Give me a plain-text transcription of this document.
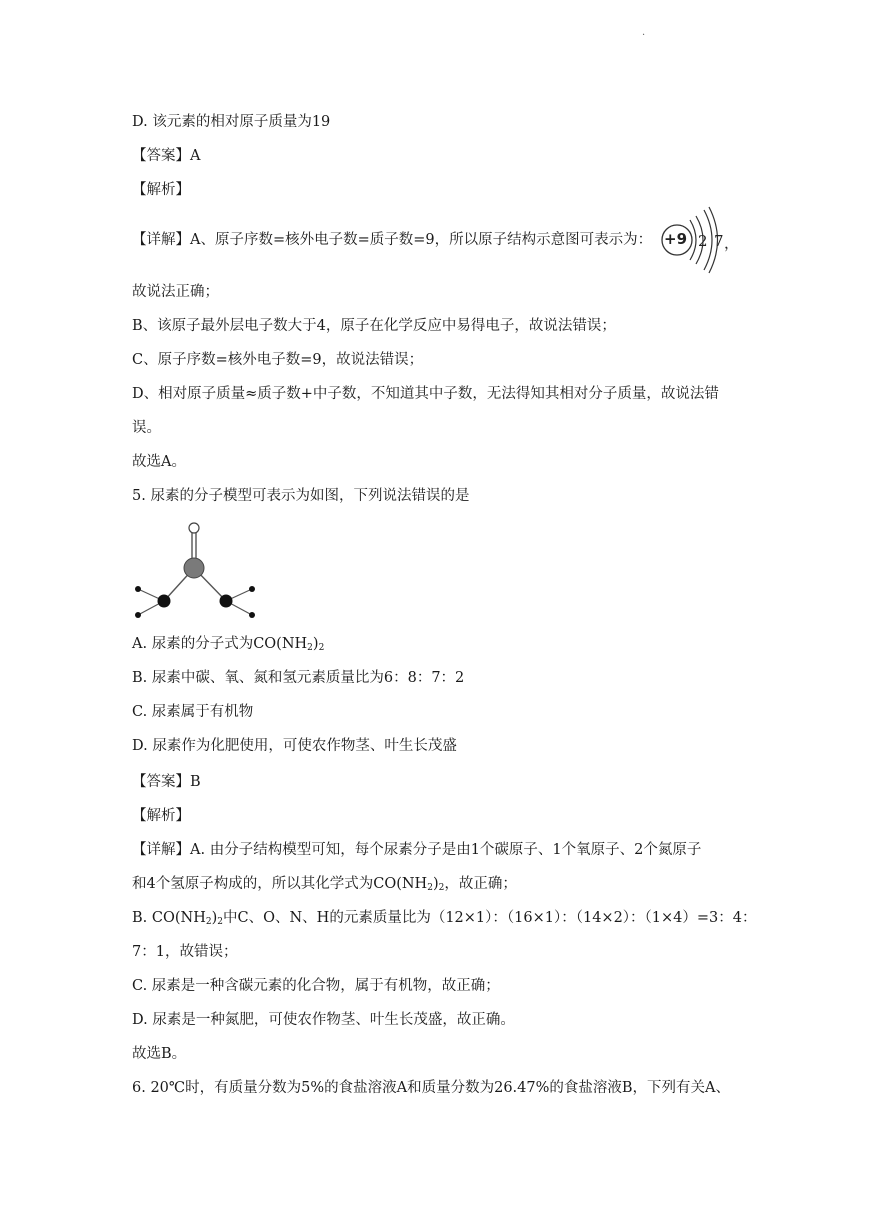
·
D. 该元素的相对原子质量为19
【答案】A
【解析】
【详解】A、原子序数=核外电子数=质子数=9，所以原子结构示意图可表示为： +9 2 7 ，
故说法正确；
B、该原子最外层电子数大于4，原子在化学反应中易得电子，故说法错误；
C、原子序数=核外电子数=9，故说法错误；
D、相对原子质量≈质子数+中子数，不知道其中子数，无法得知其相对分子质量，故说法错
误。
故选A。
5. 尿素的分子模型可表示为如图，下列说法错误的是
A. 尿素的分子式为$CO(NH_2)_2$
B. 尿素中碳、氧、氮和氢元素质量比为6：8：7：2
C. 尿素属于有机物
D. 尿素作为化肥使用，可使农作物茎、叶生长茂盛
【答案】B
【解析】
【详解】A. 由分子结构模型可知，每个尿素分子是由1个碳原子、1个氧原子、2个氮原子
和4个氢原子构成的，所以其化学式为$CO(NH_2)_2$，故正确；
B. $CO(NH_2)_2$中C、O、N、H的元素质量比为（12×1）：（16×1）：（14×2）：（1×4）=3：4：
7：1，故错误；
C. 尿素是一种含碳元素的化合物，属于有机物，故正确；
D. 尿素是一种氮肥，可使农作物茎、叶生长茂盛，故正确。
故选B。
6. 20℃时，有质量分数为5%的食盐溶液A和质量分数为26.47%的食盐溶液B，下列有关A、
